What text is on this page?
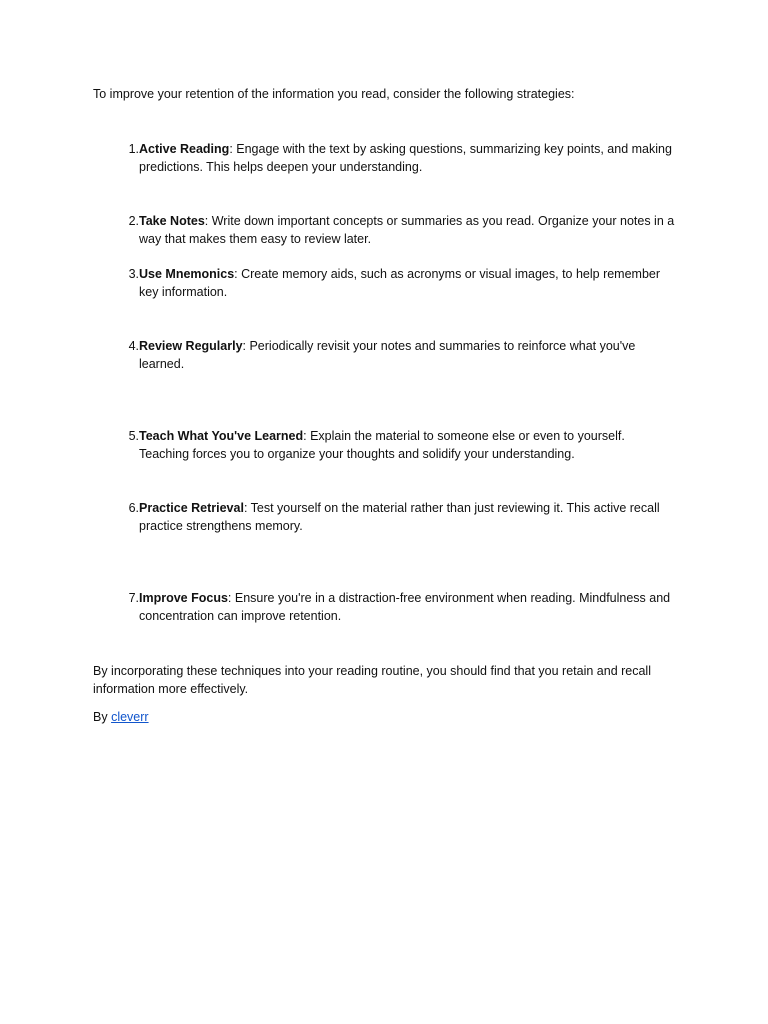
To improve your retention of the information you read, consider the following strategies:

1. Active Reading: Engage with the text by asking questions, summarizing key points, and making predictions. This helps deepen your understanding.
2. Take Notes: Write down important concepts or summaries as you read. Organize your notes in a way that makes them easy to review later.
3. Use Mnemonics: Create memory aids, such as acronyms or visual images, to help remember key information.
4. Review Regularly: Periodically revisit your notes and summaries to reinforce what you've learned.
5. Teach What You've Learned: Explain the material to someone else or even to yourself. Teaching forces you to organize your thoughts and solidify your understanding.
6. Practice Retrieval: Test yourself on the material rather than just reviewing it. This active recall practice strengthens memory.
7. Improve Focus: Ensure you're in a distraction-free environment when reading. Mindfulness and concentration can improve retention.

By incorporating these techniques into your reading routine, you should find that you retain and recall information more effectively.

By cleverr
